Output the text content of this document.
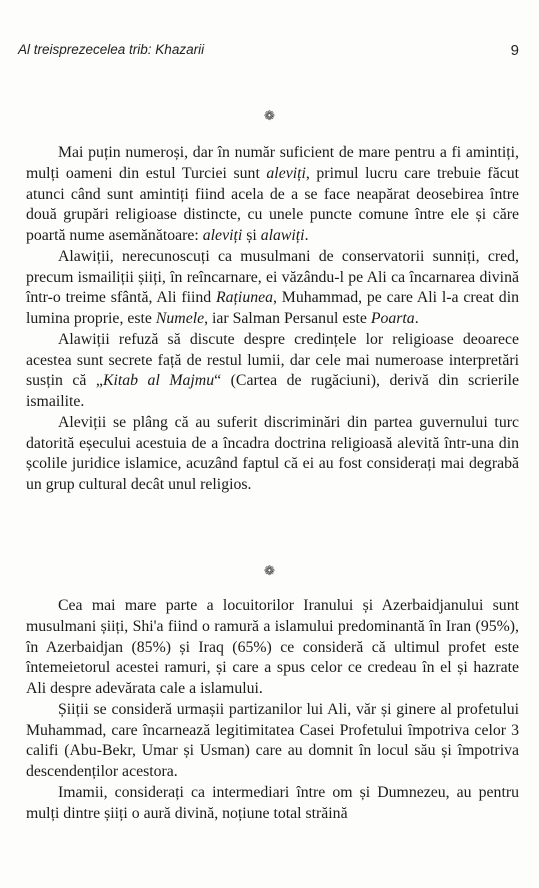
Al treisprezecelea trib: Khazarii	9
❁

Mai puțin numeroși, dar în număr suficient de mare pentru a fi amintiți, mulți oameni din estul Turciei sunt aleviți, primul lucru care trebuie făcut atunci când sunt amintiți fiind acela de a se face neapărat deosebirea între două grupări religioase distincte, cu unele puncte comune între ele și căre poartă nume asemănătoare: aleviți și alawiți.

Alawiții, nerecunoscuți ca musulmani de conservatorii sunniți, cred, precum ismailiții șiiți, în reîncarnare, ei văzându-l pe Ali ca încarnarea divină într-o treime sfântă, Ali fiind Rațiunea, Muhammad, pe care Ali l-a creat din lumina proprie, este Numele, iar Salman Persanul este Poarta.

Alawiții refuză să discute despre credințele lor religioase deoarece acestea sunt secrete față de restul lumii, dar cele mai numeroase interpretări susțin că „Kitab al Majmu“ (Cartea de rugăciuni), derivă din scrierile ismailite.

Aleviții se plâng că au suferit discriminări din partea guvernului turc datorită eșecului acestuia de a încadra doctrina religioasă alevită într-una din școlile juridice islamice, acuzând faptul că ei au fost considerați mai degrabă un grup cultural decât unul religios.

❁

Cea mai mare parte a locuitorilor Iranului și Azerbaidjanului sunt musulmani șiiți, Shi'a fiind o ramură a islamului predominantă în Iran (95%), în Azerbaidjan (85%) și Iraq (65%) ce consideră că ultimul profet este întemeietorul acestei ramuri, și care a spus celor ce credeau în el și hazrate Ali despre adevărata cale a islamului.

Șiiții se consideră urmașii partizanilor lui Ali, văr și ginere al profetului Muhammad, care încarnează legitimitatea Casei Profetului împotriva celor 3 califi (Abu-Bekr, Umar și Usman) care au domnit în locul său și împotriva descendenților acestora.

Imamii, considerați ca intermediari între om și Dumnezeu, au pentru mulți dintre șiiți o aură divină, noțiune total străină
